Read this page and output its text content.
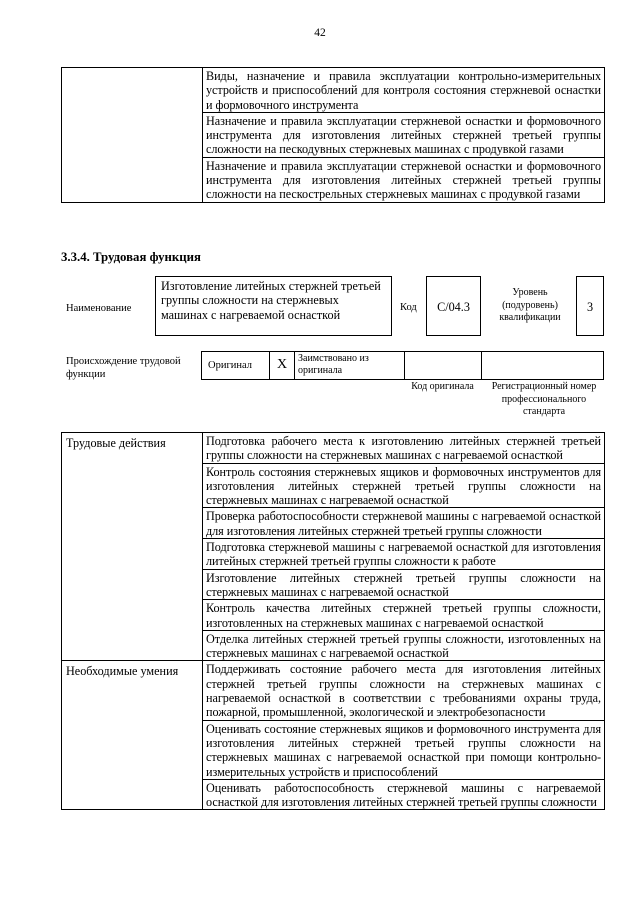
42
	Виды, назначение и правила эксплуатации контрольно-измерительных устройств и приспособлений для контроля состояния стержневой оснастки и формовочного инструмента
Назначение и правила эксплуатации стержневой оснастки и формовочного инструмента для изготовления литейных стержней третьей группы сложности на пескодувных стержневых машинах с продувкой газами
Назначение и правила эксплуатации стержневой оснастки и формовочного инструмента для изготовления литейных стержней третьей группы сложности на пескострельных стержневых машинах с продувкой газами
3.3.4. Трудовая функция
Наименование
Изготовление литейных стержней третьей группы сложности на стержневых машинах с нагреваемой оснасткой
Код	C/04.3
Уровень (подуровень) квалификации
3
Происхождение трудовой функции
Оригинал	X	Заимствовано из оригинала
Код оригинала	Регистрационный номер профессионального стандарта
Трудовые действия	Подготовка рабочего места к изготовлению литейных стержней третьей группы сложности на стержневых машинах с нагреваемой оснасткой
	Контроль состояния стержневых ящиков и формовочных инструментов для изготовления литейных стержней третьей группы сложности на стержневых машинах с нагреваемой оснасткой
	Проверка работоспособности стержневой машины с нагреваемой оснасткой для изготовления литейных стержней третьей группы сложности
	Подготовка стержневой машины с нагреваемой оснасткой для изготовления литейных стержней третьей группы сложности к работе
	Изготовление литейных стержней третьей группы сложности на стержневых машинах с нагреваемой оснасткой
	Контроль качества литейных стержней третьей группы сложности, изготовленных на стержневых машинах с нагреваемой оснасткой
	Отделка литейных стержней третьей группы сложности, изготовленных на стержневых машинах с нагреваемой оснасткой
Необходимые умения	Поддерживать состояние рабочего места для изготовления литейных стержней третьей группы сложности на стержневых машинах с нагреваемой оснасткой в соответствии с требованиями охраны труда, пожарной, промышленной, экологической и электробезопасности
	Оценивать состояние стержневых ящиков и формовочного инструмента для изготовления литейных стержней третьей группы сложности на стержневых машинах с нагреваемой оснасткой при помощи контрольно-измерительных устройств и приспособлений
	Оценивать работоспособность стержневой машины с нагреваемой оснасткой для изготовления литейных стержней третьей группы сложности
